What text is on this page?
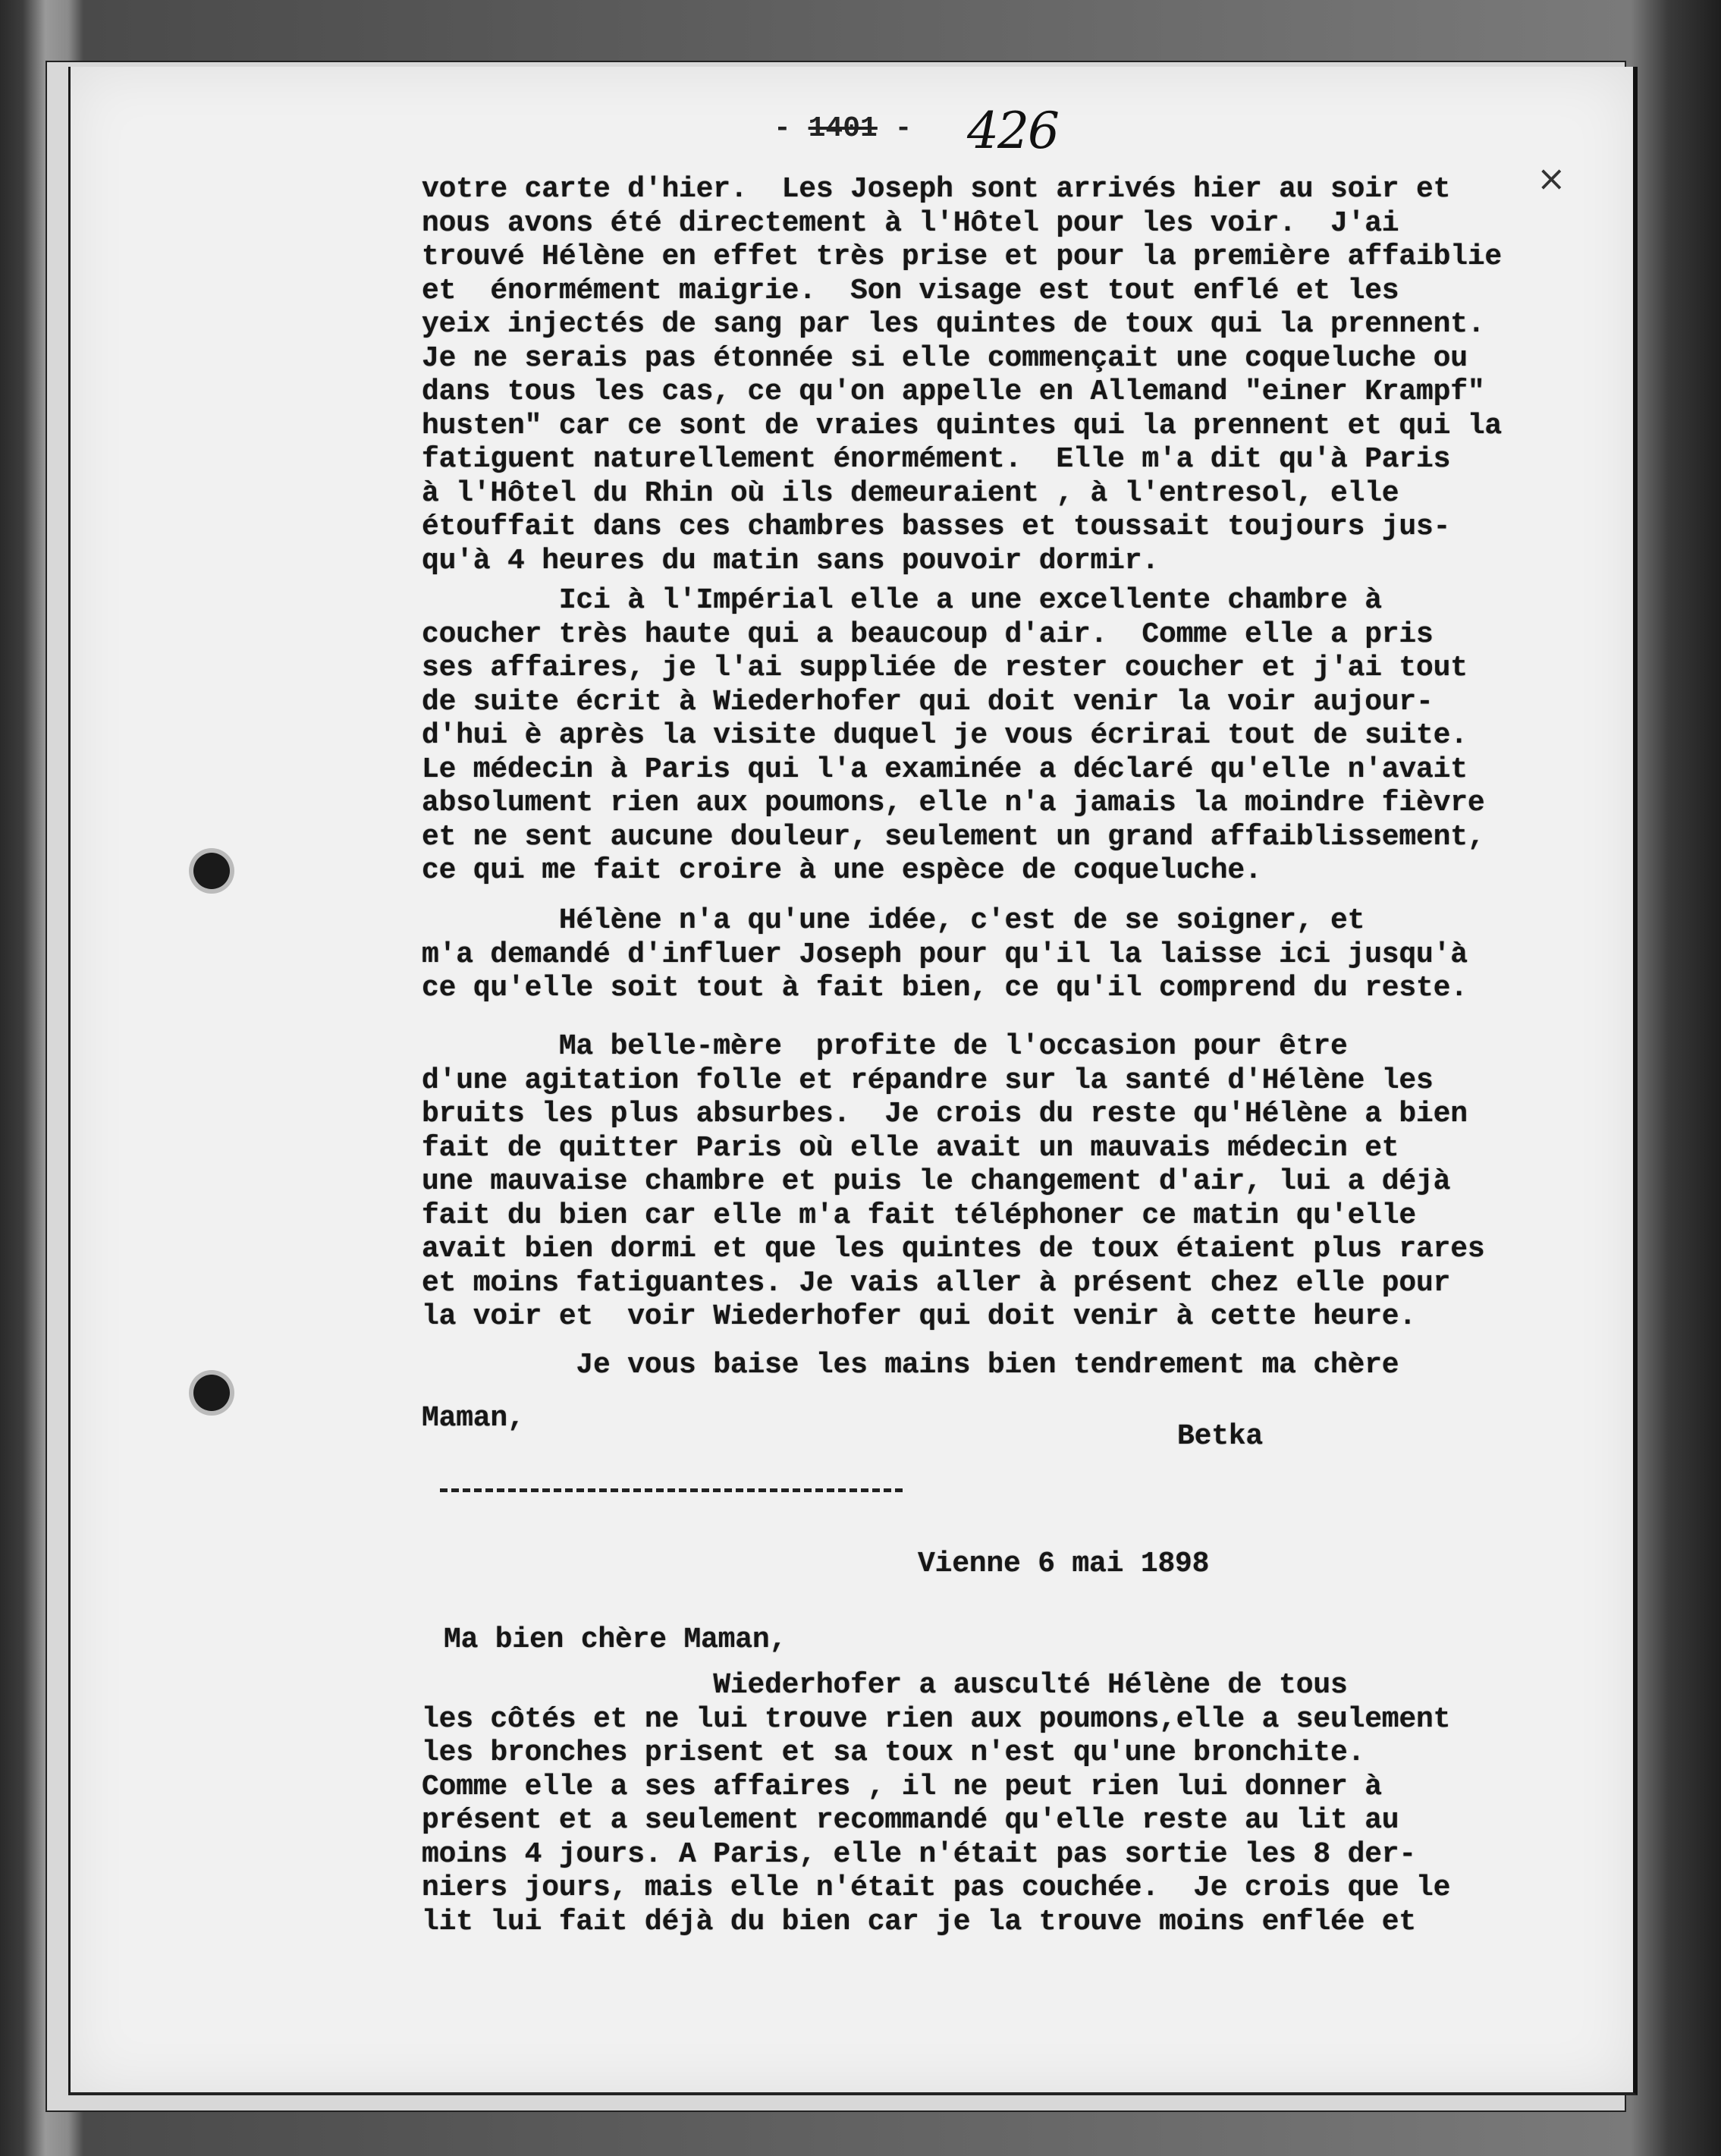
- 1401 - 426
×
votre carte d'hier.  Les Joseph sont arrivés hier au soir et
nous avons été directement à l'Hôtel pour les voir.  J'ai
trouvé Hélène en effet très prise et pour la première affaiblie
et  énormément maigrie.  Son visage est tout enflé et les
yeix injectés de sang par les quintes de toux qui la prennent.
Je ne serais pas étonnée si elle commençait une coqueluche ou
dans tous les cas, ce qu'on appelle en Allemand "einer Krampf"
husten" car ce sont de vraies quintes qui la prennent et qui la
fatiguent naturellement énormément.  Elle m'a dit qu'à Paris
à l'Hôtel du Rhin où ils demeuraient , à l'entresol, elle
étouffait dans ces chambres basses et toussait toujours jus-
qu'à 4 heures du matin sans pouvoir dormir.
Ici à l'Impérial elle a une excellente chambre à
coucher très haute qui a beaucoup d'air.  Comme elle a pris
ses affaires, je l'ai suppliée de rester coucher et j'ai tout
de suite écrit à Wiederhofer qui doit venir la voir aujour-
d'hui è après la visite duquel je vous écrirai tout de suite.
Le médecin à Paris qui l'a examinée a déclaré qu'elle n'avait
absolument rien aux poumons, elle n'a jamais la moindre fièvre
et ne sent aucune douleur, seulement un grand affaiblissement,
ce qui me fait croire à une espèce de coqueluche.
Hélène n'a qu'une idée, c'est de se soigner, et
m'a demandé d'influer Joseph pour qu'il la laisse ici jusqu'à
ce qu'elle soit tout à fait bien, ce qu'il comprend du reste.
Ma belle-mère  profite de l'occasion pour être
d'une agitation folle et répandre sur la santé d'Hélène les
bruits les plus absurbes.  Je crois du reste qu'Hélène a bien
fait de quitter Paris où elle avait un mauvais médecin et
une mauvaise chambre et puis le changement d'air, lui a déjà
fait du bien car elle m'a fait téléphoner ce matin qu'elle
avait bien dormi et que les quintes de toux étaient plus rares
et moins fatiguantes. Je vais aller à présent chez elle pour
la voir et  voir Wiederhofer qui doit venir à cette heure.
Je vous baise les mains bien tendrement ma chère
Maman,
Betka
Vienne 6 mai 1898
Ma bien chère Maman,
Wiederhofer a ausculté Hélène de tous
les côtés et ne lui trouve rien aux poumons,elle a seulement
les bronches prisent et sa toux n'est qu'une bronchite.
Comme elle a ses affaires , il ne peut rien lui donner à
présent et a seulement recommandé qu'elle reste au lit au
moins 4 jours. A Paris, elle n'était pas sortie les 8 der-
niers jours, mais elle n'était pas couchée.  Je crois que le
lit lui fait déjà du bien car je la trouve moins enflée et
